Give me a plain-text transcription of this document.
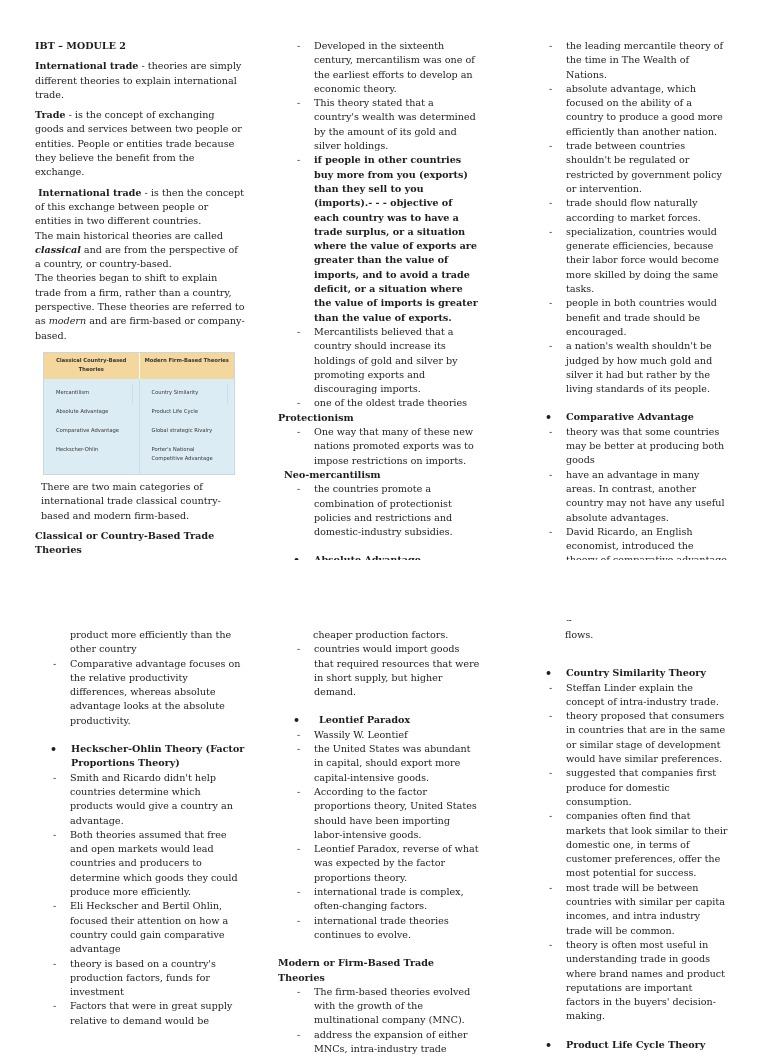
IBT – MODULE 2

International trade - theories are simply different theories to explain international trade.

Trade - is the concept of exchanging goods and services between two people or entities. People or entities trade because they believe the benefit from the exchange.

International trade - is then the concept of this exchange between people or entities in two different countries.

The main historical theories are called classical and are from the perspective of a country, or country-based.

The theories began to shift to explain trade from a firm, rather than a country, perspective. These theories are referred to as modern and are firm-based or company- based.

Classical Country-Based Theories
Modern Firm-Based Theories
Mercantilism
Absolute Advantage
Comparative Advantage
Heckscher-Ohlin
Country Similarity
Product Life Cycle
Global strategic Rivalry
Porter's National Competitive Advantage

There are two main categories of international trade classical country-based and modern firm-based.

Classical or Country-Based Trade Theories

•

- Developed in the sixteenth century, mercantilism was one of the earliest efforts to develop an economic theory.
- This theory stated that a country's wealth was determined by the amount of its gold and silver holdings.
- if people in other countries buy more from you (exports) than they sell to you (imports).- - - objective of each country was to have a trade surplus, or a situation where the value of exports are greater than the value of imports, and to avoid a trade deficit, or a situation where the value of imports is greater than the value of exports.
- Mercantilists believed that a country should increase its holdings of gold and silver by promoting exports and discouraging imports.
- one of the oldest trade theories

Protectionism

- One way that many of these new nations promoted exports was to impose restrictions on imports.

Neo-mercantilism

- the countries promote a combination of protectionist policies and restrictions and domestic-industry subsidies.

•

- the leading mercantile theory of the time in The Wealth of Nations.
- absolute advantage, which focused on the ability of a country to produce a good more efficiently than another nation.
- trade between countries shouldn't be regulated or restricted by government policy or intervention.
- trade should flow naturally according to market forces.
- specialization, countries would generate efficiencies, because their labor force would become more skilled by doing the same tasks.
- people in both countries would benefit and trade should be encouraged.
- a nation's wealth shouldn't be judged by how much gold and silver it had but rather by the living standards of its people.

• Comparative Advantage

- theory was that some countries may be better at producing both goods
- have an advantage in many areas. In contrast, another country may not have any useful absolute advantages.
- David Ricardo, an English economist, introduced the
-

product more efficiently than the other country

- Comparative advantage focuses on the relative productivity differences, whereas absolute advantage looks at the absolute productivity.

• Heckscher-Ohlin Theory (Factor Proportions Theory)

- Smith and Ricardo didn't help countries determine which products would give a country an advantage.
- Both theories assumed that free and open markets would lead countries and producers to determine which goods they could produce more efficiently.
- Eli Heckscher and Bertil Ohlin, focused their attention on how a country could gain comparative advantage
- theory is based on a country's production factors, funds for investment
- Factors that were in great supply relative to demand would be

cheaper production factors.

- countries would import goods that required resources that were in short supply, but higher demand.

• Leontief Paradox

- Wassily W. Leontief
- the United States was abundant in capital, should export more capital-intensive goods.
- According to the factor proportions theory, United States should have been importing labor-intensive goods.
- Leontief Paradox, reverse of what was expected by the factor proportions theory.
- international trade is complex, often-changing factors.
- international trade theories continues to evolve.

Modern or Firm-Based Trade Theories

- The firm-based theories evolved with the growth of the multinational company (MNC).
- address the expansion of either MNCs, intra-industry trade

flows.

• Country Similarity Theory

- Steffan Linder explain the concept of intra-industry trade.
- theory proposed that consumers in countries that are in the same or similar stage of development would have similar preferences.
- suggested that companies first produce for domestic consumption.
- companies often find that markets that look similar to their domestic one, in terms of customer preferences, offer the most potential for success.
- most trade will be between countries with similar per capita incomes, and intra industry trade will be common.
- theory is often most useful in understanding trade in goods where brand names and product reputations are important factors in the buyers' decision-making.

• Product Life Cycle Theory
